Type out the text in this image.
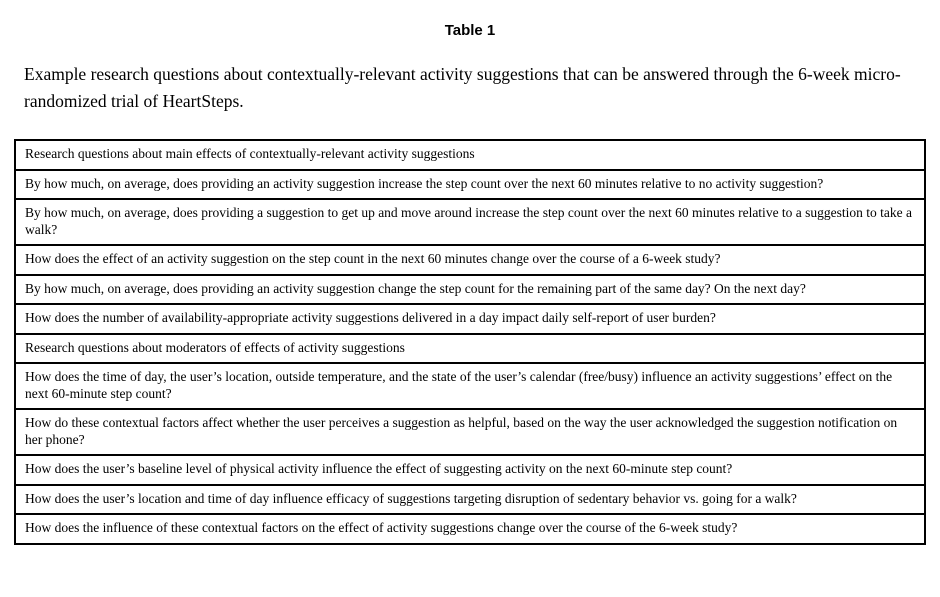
Table 1

Example research questions about contextually-relevant activity suggestions that can be answered through the 6-week micro-randomized trial of HeartSteps.

Research questions about main effects of contextually-relevant activity suggestions
By how much, on average, does providing an activity suggestion increase the step count over the next 60 minutes relative to no activity suggestion?
By how much, on average, does providing a suggestion to get up and move around increase the step count over the next 60 minutes relative to a suggestion to take a walk?
How does the effect of an activity suggestion on the step count in the next 60 minutes change over the course of a 6-week study?
By how much, on average, does providing an activity suggestion change the step count for the remaining part of the same day? On the next day?
How does the number of availability-appropriate activity suggestions delivered in a day impact daily self-report of user burden?
Research questions about moderators of effects of activity suggestions
How does the time of day, the user’s location, outside temperature, and the state of the user’s calendar (free/busy) influence an activity suggestions’ effect on the next 60-minute step count?
How do these contextual factors affect whether the user perceives a suggestion as helpful, based on the way the user acknowledged the suggestion notification on her phone?
How does the user’s baseline level of physical activity influence the effect of suggesting activity on the next 60-minute step count?
How does the user’s location and time of day influence efficacy of suggestions targeting disruption of sedentary behavior vs. going for a walk?
How does the influence of these contextual factors on the effect of activity suggestions change over the course of the 6-week study?
